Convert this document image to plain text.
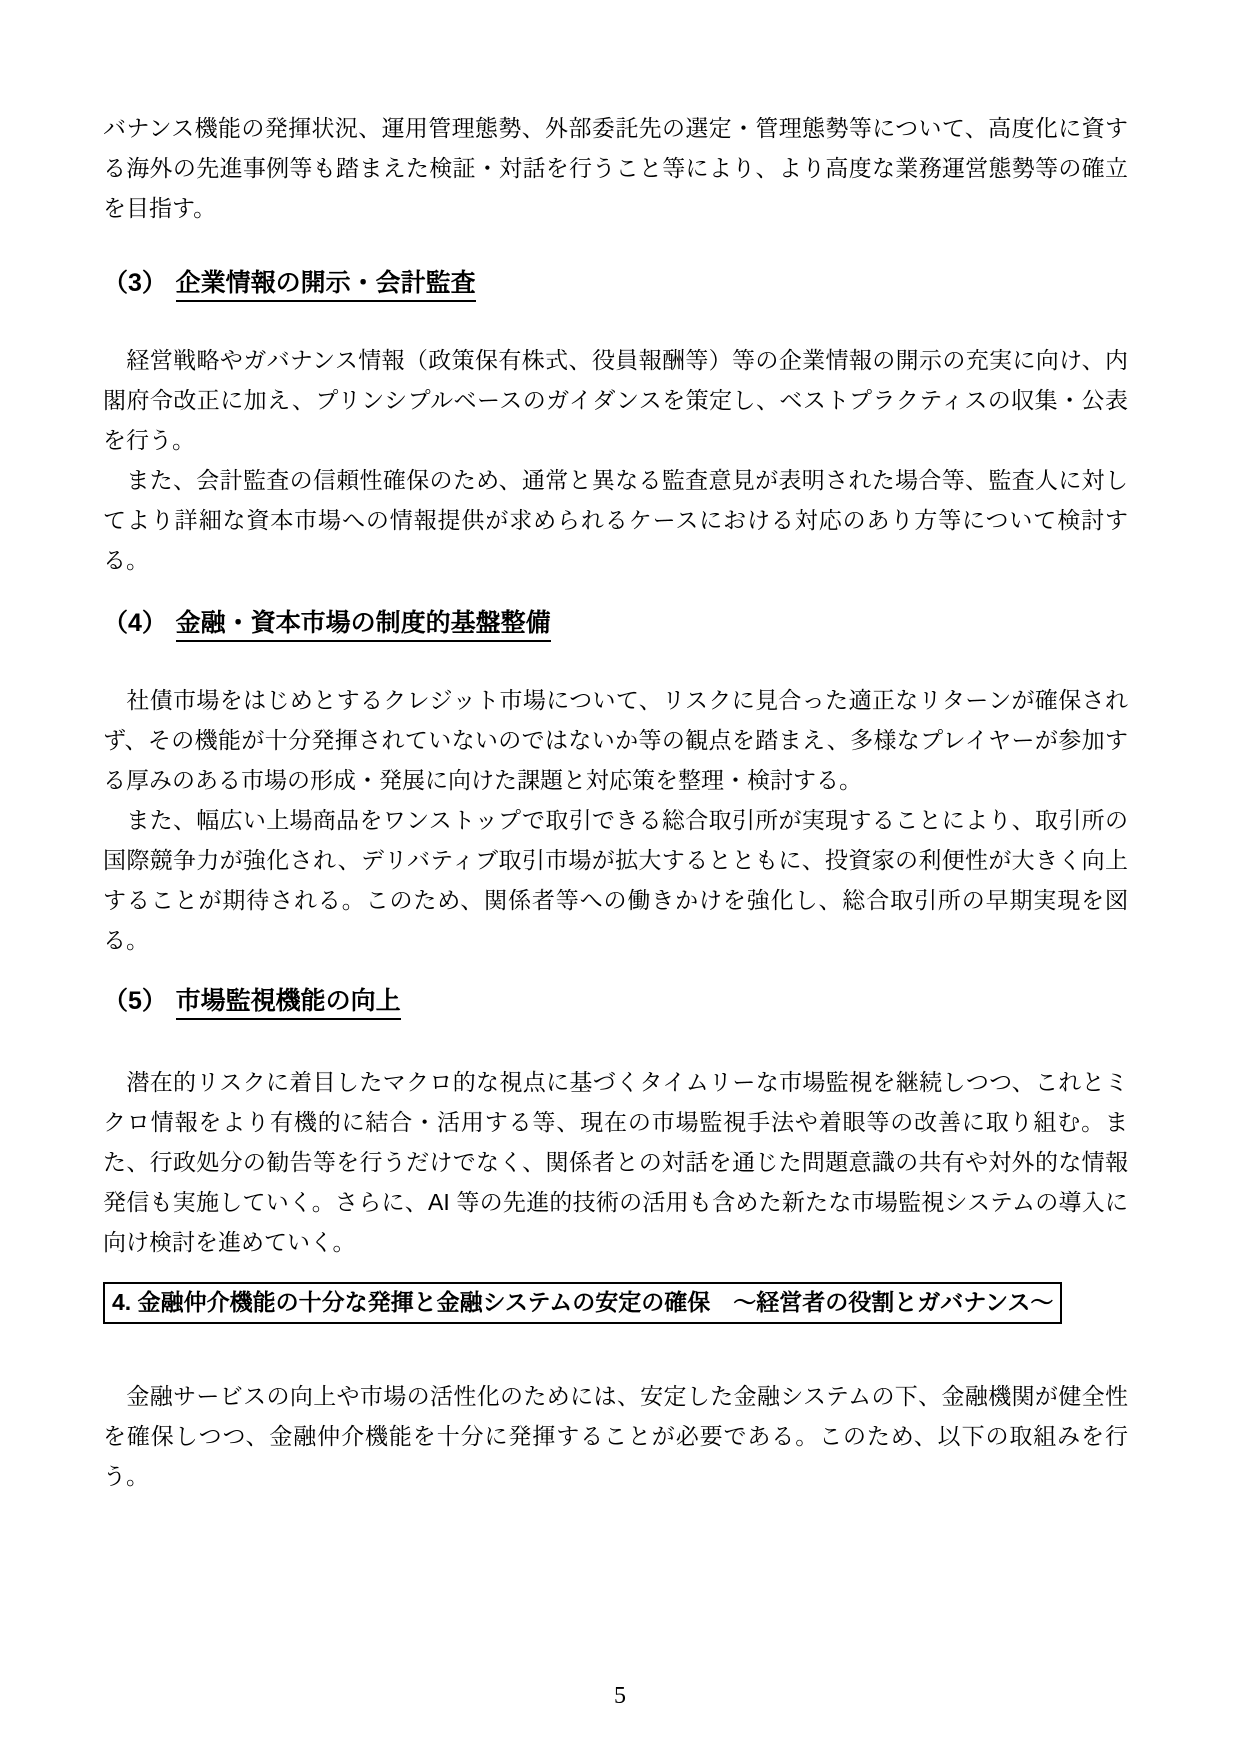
バナンス機能の発揮状況、運用管理態勢、外部委託先の選定・管理態勢等について、高度化に資する海外の先進事例等も踏まえた検証・対話を行うこと等により、より高度な業務運営態勢等の確立を目指す。

（3） 企業情報の開示・会計監査

　経営戦略やガバナンス情報（政策保有株式、役員報酬等）等の企業情報の開示の充実に向け、内閣府令改正に加え、プリンシプルベースのガイダンスを策定し、ベストプラクティスの収集・公表を行う。

　また、会計監査の信頼性確保のため、通常と異なる監査意見が表明された場合等、監査人に対してより詳細な資本市場への情報提供が求められるケースにおける対応のあり方等について検討する。

（4） 金融・資本市場の制度的基盤整備

　社債市場をはじめとするクレジット市場について、リスクに見合った適正なリターンが確保されず、その機能が十分発揮されていないのではないか等の観点を踏まえ、多様なプレイヤーが参加する厚みのある市場の形成・発展に向けた課題と対応策を整理・検討する。

　また、幅広い上場商品をワンストップで取引できる総合取引所が実現することにより、取引所の国際競争力が強化され、デリバティブ取引市場が拡大するとともに、投資家の利便性が大きく向上することが期待される。このため、関係者等への働きかけを強化し、総合取引所の早期実現を図る。

（5） 市場監視機能の向上

　潜在的リスクに着目したマクロ的な視点に基づくタイムリーな市場監視を継続しつつ、これとミクロ情報をより有機的に結合・活用する等、現在の市場監視手法や着眼等の改善に取り組む。また、行政処分の勧告等を行うだけでなく、関係者との対話を通じた問題意識の共有や対外的な情報発信も実施していく。さらに、AI 等の先進的技術の活用も含めた新たな市場監視システムの導入に向け検討を進めていく。

4. 金融仲介機能の十分な発揮と金融システムの安定の確保　～経営者の役割とガバナンス～

　金融サービスの向上や市場の活性化のためには、安定した金融システムの下、金融機関が健全性を確保しつつ、金融仲介機能を十分に発揮することが必要である。このため、以下の取組みを行う。

5
